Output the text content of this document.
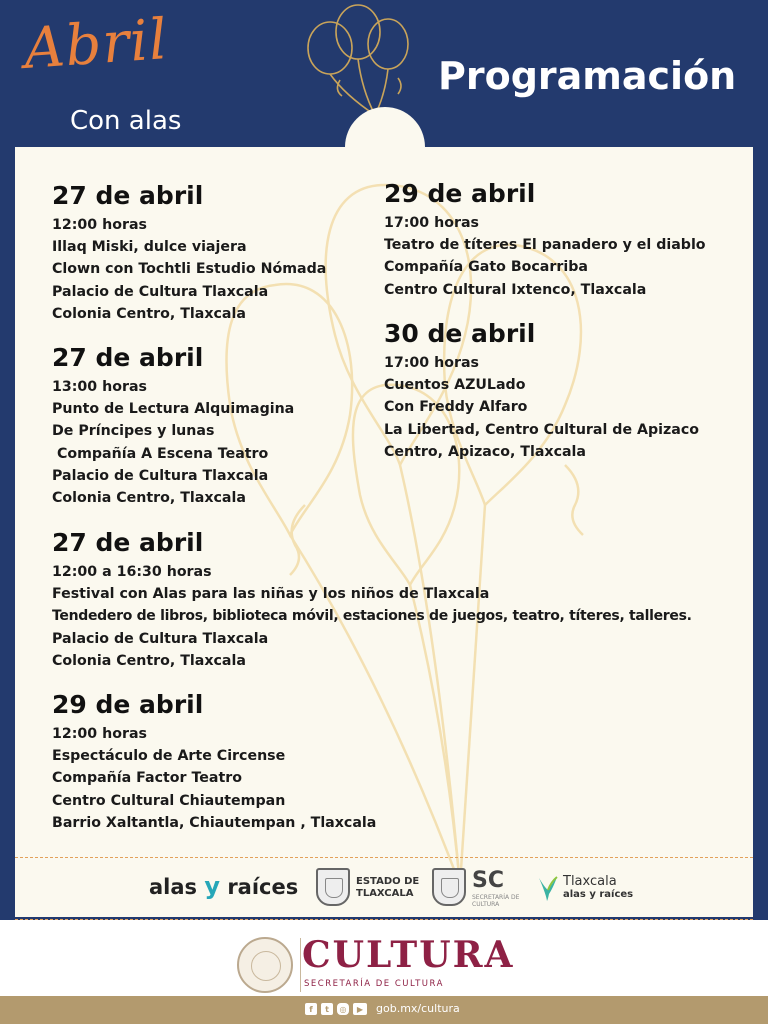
Abril
Con alas
Programación
27 de abril
12:00 horas
Illaq Miski, dulce viajera
Clown con Tochtli Estudio Nómada
Palacio de Cultura Tlaxcala
Colonia Centro, Tlaxcala
27 de abril
13:00 horas
Punto de Lectura Alquimagina
De Príncipes y lunas
Compañía A Escena Teatro
Palacio de Cultura Tlaxcala
Colonia Centro, Tlaxcala
27 de abril
12:00 a 16:30 horas
Festival con Alas para las niñas y los niños de Tlaxcala
Tendedero de libros, biblioteca móvil, estaciones de juegos, teatro, títeres, talleres.
Palacio de Cultura Tlaxcala
Colonia Centro, Tlaxcala
29 de abril
12:00 horas
Espectáculo de Arte Circense
Compañía Factor Teatro
Centro Cultural Chiautempan
Barrio Xaltantla, Chiautempan , Tlaxcala
29 de abril
17:00 horas
Teatro de títeres El panadero y el diablo
Compañía Gato Bocarriba
Centro Cultural Ixtenco, Tlaxcala
30 de abril
17:00 horas
Cuentos AZULado
Con Freddy Alfaro
La Libertad, Centro Cultural de Apizaco
Centro, Apizaco, Tlaxcala
alas y raíces	ESTADO DE
TLAXCALA
SC
SECRETARÍA DE
CULTURA
Tlaxcala
alas y raíces
CULTURA
SECRETARÍA DE CULTURA
f	t	◎	▶	gob.mx/cultura
